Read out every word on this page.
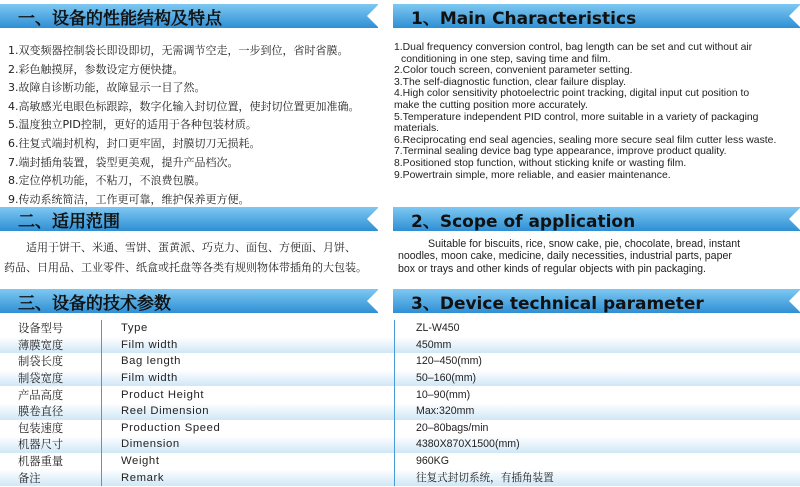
一、设备的性能结构及特点	1、Main Characteristics
1.双变频器控制袋长即设即切，无需调节空走，一步到位，省时省膜。
2.彩色触摸屏，参数设定方便快捷。
3.故障自诊断功能，故障显示一目了然。
4.高敏感光电眼色标跟踪，数字化输入封切位置，使封切位置更加准确。
5.温度独立PID控制，更好的适用于各种包装材质。
6.往复式端封机构，封口更牢固，封膜切刀无损耗。
7.端封插角装置，袋型更美观，提升产品档次。
8.定位停机功能，不粘刀，不浪费包膜。
9.传动系统简洁，工作更可靠，维护保养更方便。
1.Dual frequency conversion control, bag length can be set and cut without air
conditioning in one step, saving time and film.
2.Color touch screen, convenient parameter setting.
3.The self-diagnostic function, clear failure display.
4.High color sensitivity photoelectric point tracking, digital input cut position to
make the cutting position more accurately.
5.Temperature independent PID control, more suitable in a variety of packaging
materials.
6.Reciprocating end seal agencies, sealing more secure seal film cutter less waste.
7.Terminal sealing device bag type appearance, improve product quality.
8.Positioned stop function, without sticking knife or wasting film.
9.Powertrain simple, more reliable, and easier maintenance.
二、适用范围	2、Scope of application
适用于饼干、米通、雪饼、蛋黄派、巧克力、面包、方便面、月饼、
药品、日用品、工业零件、纸盒或托盘等各类有规则物体带插角的大包装。
Suitable for biscuits, rice, snow cake, pie, chocolate, bread, instant
noodles, moon cake, medicine, daily necessities, industrial parts, paper
box or trays and other kinds of regular objects with pin packaging.
三、设备的技术参数	3、Device technical parameter
设备型号	Type	ZL-W450
薄膜宽度	Film width	450mm
制袋长度	Bag length	120–450(mm)
制袋宽度	Film width	50–160(mm)
产品高度	Product Height	10–90(mm)
膜卷直径	Reel Dimension	Max:320mm
包装速度	Production Speed	20–80bags/min
机器尺寸	Dimension	4380X870X1500(mm)
机器重量	Weight	960KG
备注	Remark	往复式封切系统，有插角装置
